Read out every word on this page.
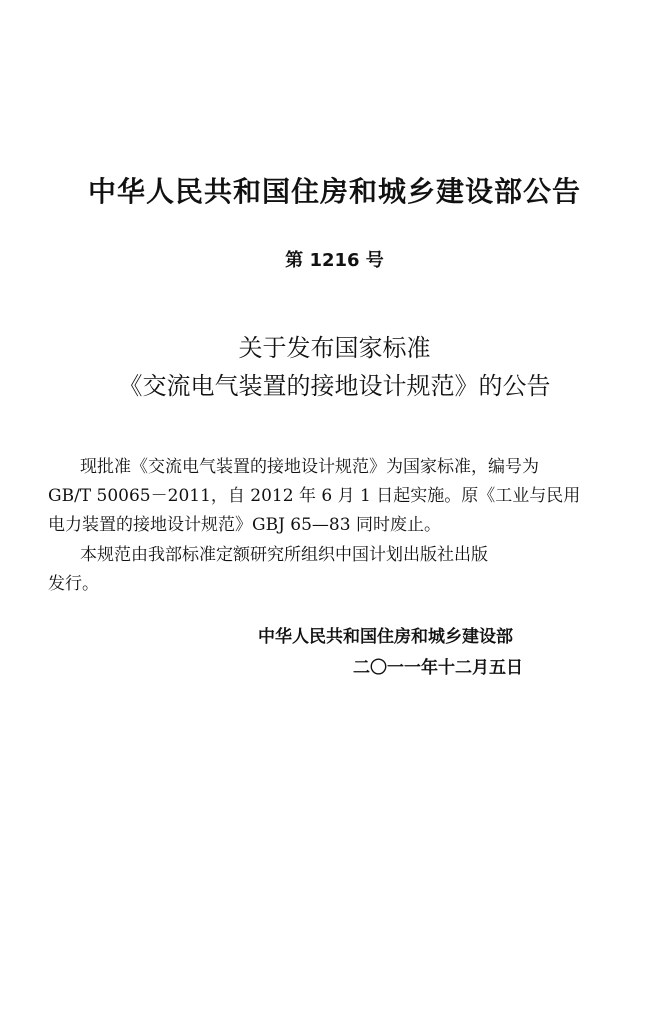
中华人民共和国住房和城乡建设部公告
第 1216 号
关于发布国家标准
《交流电气装置的接地设计规范》的公告
现批准《交流电气装置的接地设计规范》为国家标准，编号为
GB/T 50065－2011，自 2012 年 6 月 1 日起实施。原《工业与民用
电力装置的接地设计规范》GBJ 65—83 同时废止。
本规范由我部标准定额研究所组织中国计划出版社出版
发行。
中华人民共和国住房和城乡建设部
二〇一一年十二月五日
